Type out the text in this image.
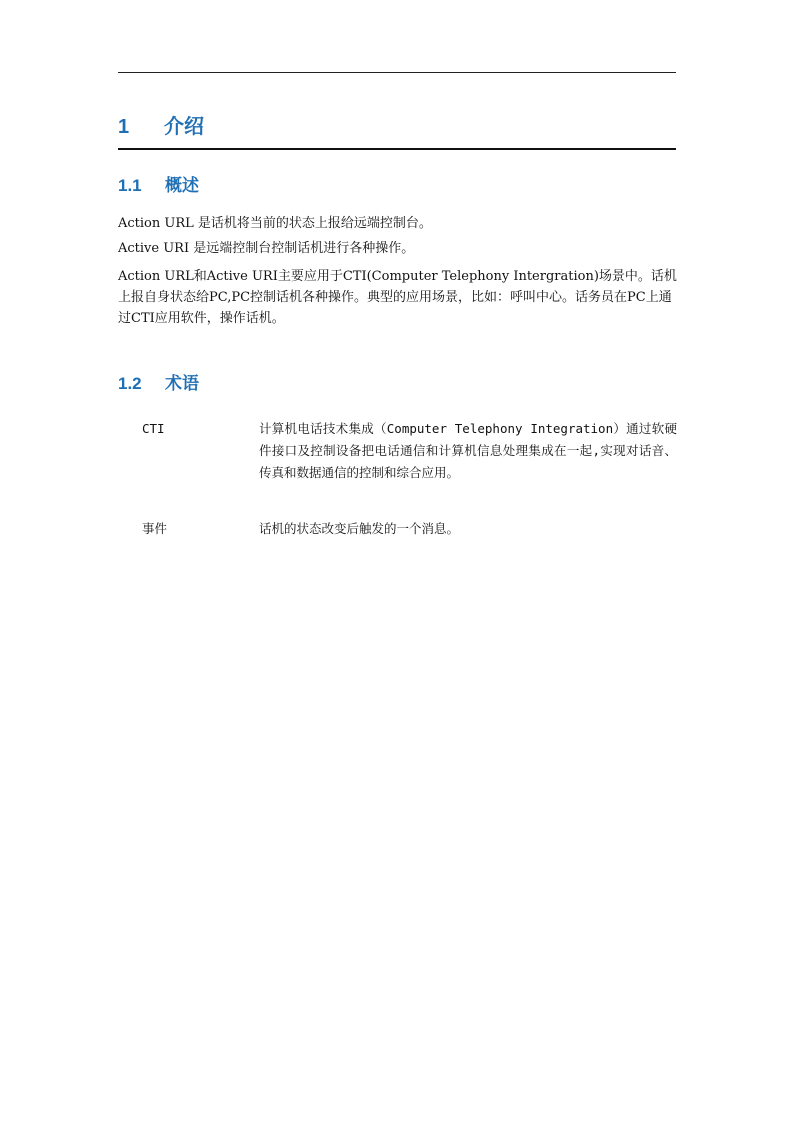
1 介绍
1.1 概述

Action URL 是话机将当前的状态上报给远端控制台。

Active URI 是远端控制台控制话机进行各种操作。

Action URL和Active URI主要应用于CTI(Computer Telephony Intergration)场景中。话机上报自身状态给PC,PC控制话机各种操作。典型的应用场景，比如：呼叫中心。话务员在PC上通过CTI应用软件，操作话机。

1.2 术语
CTI	计算机电话技术集成（Computer Telephony Integration）通过软硬件接口及控制设备把电话通信和计算机信息处理集成在一起,实现对话音、传真和数据通信的控制和综合应用。

事件	话机的状态改变后触发的一个消息。
